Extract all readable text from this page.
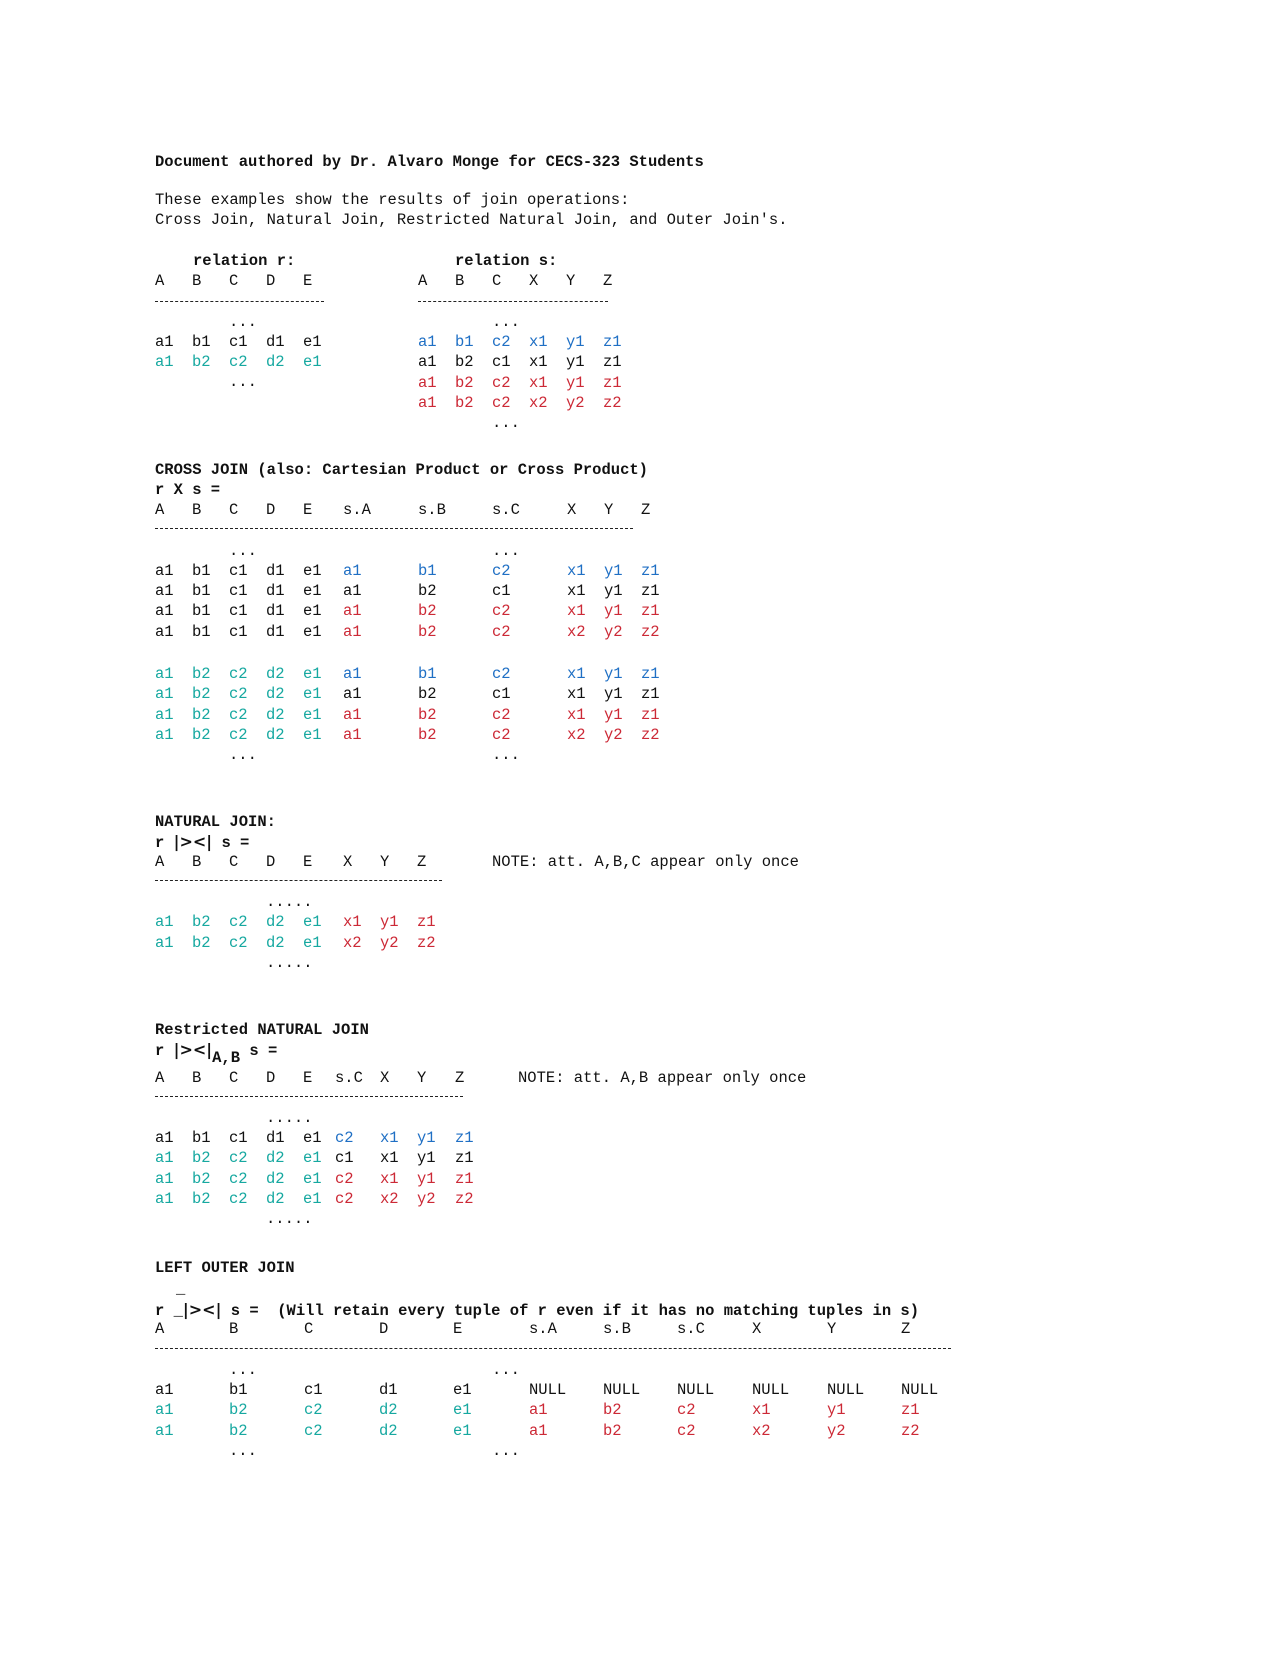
Document authored by Dr. Alvaro Monge for CECS-323 Students
These examples show the results of join operations:
Cross Join, Natural Join, Restricted Natural Join, and Outer Join's.
relation r:
A B C D E
a1 b1 c1 d1 e1
a1 b2 c2 d2 e1
...
...
relation s:
A B C X Y Z
a1 b1 c2 x1 y1 z1
a1 b2 c1 x1 y1 z1
a1 b2 c2 x1 y1 z1
a1 b2 c2 x2 y2 z2
...
...
CROSS JOIN (also: Cartesian Product or Cross Product)
r X s =
A B C D E s.A	s.B	s.C	X Y Z
a1 b1 c1 d1 e1 a1	b1	c2	x1 y1 z1
a1 b1 c1 d1 e1 a1	b2	c1	x1 y1 z1
a1 b1 c1 d1 e1 a1	b2	c2	x1 y1 z1
a1 b1 c1 d1 e1 a1	b2	c2	x2 y2 z2
a1 b2 c2 d2 e1 a1	b1	c2	x1 y1 z1
a1 b2 c2 d2 e1 a1	b2	c1	x1 y1 z1
a1 b2 c2 d2 e1 a1	b2	c2	x1 y1 z1
a1 b2 c2 d2 e1 a1	b2	c2	x2 y2 z2
...	...
...	...
NATURAL JOIN:
r |><| s =
NOTE: att. A,B,C appear only once
A B C D E X Y Z
a1 b2 c2 d2 e1 x1 y1 z1
a1 b2 c2 d2 e1 x2 y2 z2
.....
.....
Restricted NATURAL JOIN
r |><|A,B s =
NOTE: att. A,B appear only once
A B C D E s.C X Y Z
a1 b1 c1 d1 e1 c2 x1 y1 z1
a1 b2 c2 d2 e1 c1 x1 y1 z1
a1 b2 c2 d2 e1 c2 x1 y1 z1
a1 b2 c2 d2 e1 c2 x2 y2 z2
.....
.....
LEFT OUTER JOIN
_
r _|><| s = (Will retain every tuple of r even if it has no matching tuples in s)
A	B	C	D	E	s.A	s.B	s.C	X	Y	Z
a1	b1	c1	d1	e1	NULL NULL NULL NULL NULL NULL
a1	b2	c2	d2	e1	a1	b2	c2	x1	y1	z1
a1	b2	c2	d2	e1	a1	b2	c2	x2	y2	z2
...	...
...	...
